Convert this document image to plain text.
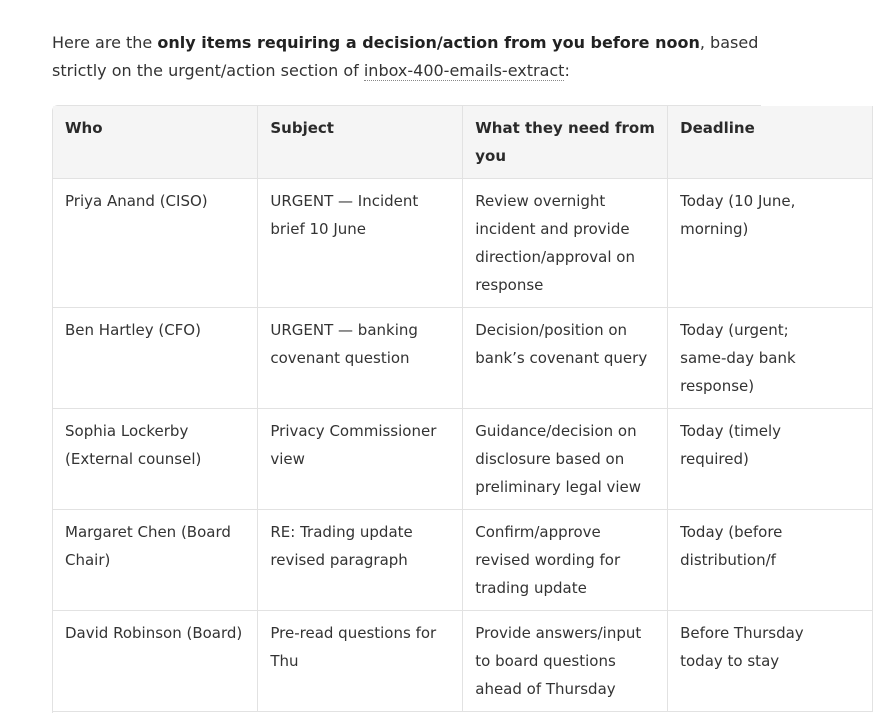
Here are the only items requiring a decision/action from you before noon, based strictly on the urgent/action section of inbox-400-emails-extract:

Who	Subject	What they need from you	Deadline
Priya Anand (CISO)	URGENT — Incident brief 10 June	Review overnight incident and provide direction/approval on response	Today (10 June,
morning)

Ben Hartley (CFO)	URGENT — banking covenant question	Decision/position on bank’s covenant query	Today (urgent;
same-day bank
response)

Sophia Lockerby (External counsel)	Privacy Commissioner view	Guidance/decision on disclosure based on preliminary legal view	Today (timely
required)

Margaret Chen (Board Chair)	RE: Trading update revised paragraph	Confirm/approve revised wording for trading update	Today (before
distribution/f

David Robinson (Board)	Pre-read questions for Thu	Provide answers/input to board questions ahead of Thursday	Before Thursday
today to stay
